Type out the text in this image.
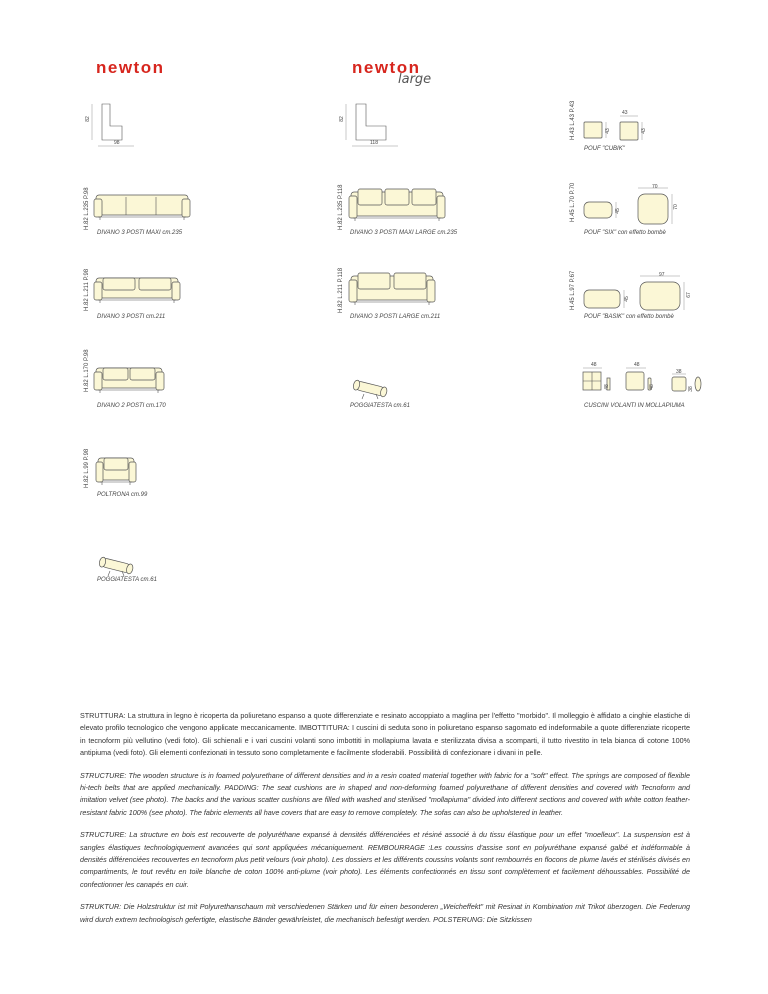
newton	newton
large
82
98
82
118
H.82 L.235 P.98
DIVANO 3 POSTI MAXI cm.235
H.82 L.211 P.98
DIVANO 3 POSTI cm.211
H.82 L.170 P.98
DIVANO 2 POSTI cm.170
H.82 L.99 P.98
POLTRONA cm.99
POGGIATESTA cm.61
H.82 L.235 P.118
DIVANO 3 POSTI MAXI LARGE cm.235
H.82 L.211 P.118
DIVANO 3 POSTI LARGE cm.211
POGGIATESTA cm.61
H.43 L.43 P.43	43
43	43
POUF "CUBIK"
H.45 L.70 P.70	70
45
70
POUF "SIX" con effetto bombè
H.45 L.97 P.67	97
45
67
POUF "BASIK" con effetto bombè
48
48
48
48
38
38
CUSCINI VOLANTI IN MOLLAPIUMA

STRUTTURA: La struttura in legno è ricoperta da poliuretano espanso a quote differenziate e resinato accoppiato a maglina per l'effetto "morbido". Il molleggio è affidato a cinghie elastiche di elevato profilo tecnologico che vengono applicate meccanicamente. IMBOTTITURA: I cuscini di seduta sono in poliuretano espanso sagomato ed indeformabile a quote differenziate ricoperte in tecnoform più vellutino (vedi foto). Gli schienali e i vari cuscini volanti sono imbottiti in mollapiuma lavata e sterilizzata divisa a scomparti, il tutto rivestito in tela bianca di cotone 100% antipiuma (vedi foto). Gli elementi confezionati in tessuto sono completamente e facilmente sfoderabili. Possibilità di confezionare i divani in pelle.

STRUCTURE: The wooden structure is in foamed polyurethane of different densities and in a resin coated material together with fabric for a "soft" effect. The springs are composed of flexible hi-tech belts that are applied mechanically. PADDING: The seat cushions are in shaped and non-deforming foamed polyurethane of different densities and covered with Tecnoform and imitation velvet (see photo). The backs and the various scatter cushions are filled with washed and sterilised "mollapiuma" divided into different sections and covered with white cotton feather-resistant fabric 100% (see photo). The fabric elements all have covers that are easy to remove completely. The sofas can also be upholstered in leather.

STRUCTURE: La structure en bois est recouverte de polyuréthane expansé à densités différenciées et résiné associé à du tissu élastique pour un effet "moelleux". La suspension est à sangles élastiques technologiquement avancées qui sont appliquées mécaniquement. REMBOURRAGE :Les coussins d'assise sont en polyuréthane expansé galbé et indéformable à densités différenciées recouvertes en tecnoform plus petit velours (voir photo). Les dossiers et les différents coussins volants sont rembourrés en flocons de plume lavés et stérilisés divisés en compartiments, le tout revêtu en toile blanche de coton 100% anti-plume (voir photo). Les éléments confectionnés en tissu sont complètement et facilement déhoussables. Possibilité de confectionner les canapés en cuir.

STRUKTUR: Die Holzstruktur ist mit Polyurethanschaum mit verschiedenen Stärken und für einen besonderen „Weicheffekt" mit Resinat in Kombination mit Trikot überzogen. Die Federung wird durch extrem technologisch gefertigte, elastische Bänder gewährleistet, die mechanisch befestigt werden. POLSTERUNG: Die Sitzkissen
